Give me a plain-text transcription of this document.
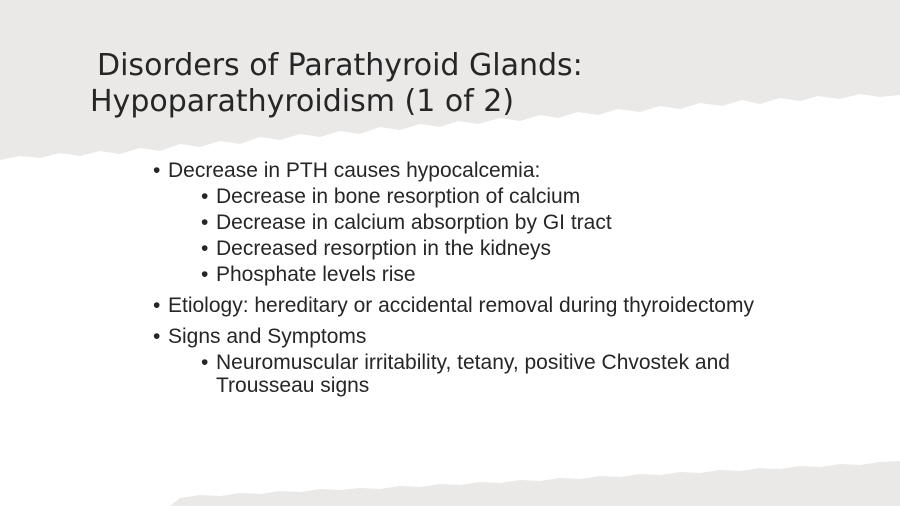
Disorders of Parathyroid Glands:
Hypoparathyroidism (1 of 2)
• Decrease in PTH causes hypocalcemia:
• Decrease in bone resorption of calcium
• Decrease in calcium absorption by GI tract
• Decreased resorption in the kidneys
• Phosphate levels rise
• Etiology: hereditary or accidental removal during thyroidectomy
• Signs and Symptoms
• Neuromuscular irritability, tetany, positive Chvostek and Trousseau signs
